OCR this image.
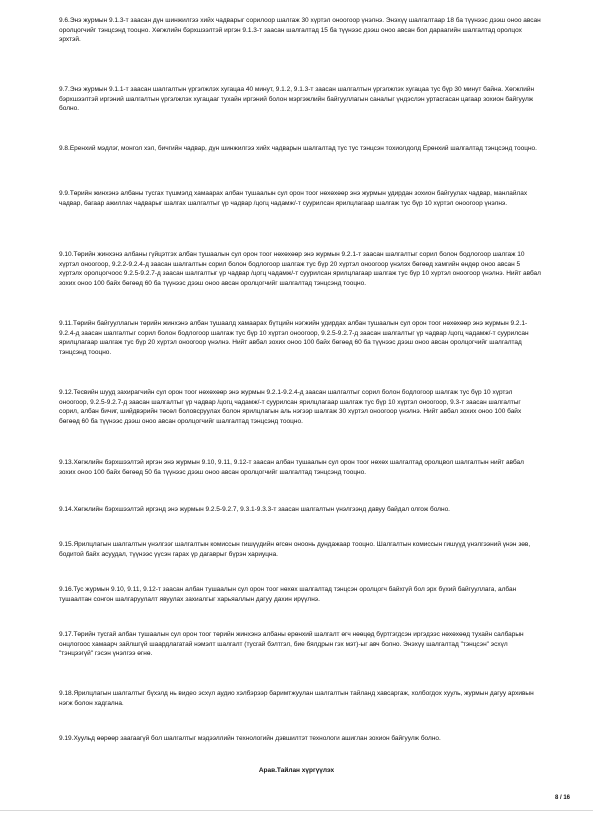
9.6.Энэ журмын 9.1.3-т заасан дүн шинжилгээ хийх чадварыг сорилоор шалгаж 30 хүртэл оноогоор үнэлнэ. Энэхүү шалгалтаар 18 ба түүнээс дээш оноо авсан оролцогчийг тэнцсэнд тооцно. Хөгжлийн бэрхшээлтэй иргэн 9.1.3-т заасан шалгалтад 15 ба түүнээс дээш оноо авсан бол дараагийн шалгалтад оролцох эрхтэй.

9.7.Энэ журмын 9.1.1-т заасан шалгалтын үргэлжлэх хугацаа 40 минут, 9.1.2, 9.1.3-т заасан шалгалтын үргэлжлэх хугацаа тус бүр 30 минут байна. Хөгжлийн бэрхшээлтэй иргэний шалгалтын үргэлжлэх хугацааг тухайн иргэний болон мэргэжлийн байгууллагын саналыг үндэслэн уртасгасан цагаар зохион байгуулж болно.

9.8.Еренхий мэдлэг, монгол хэл, бичгийн чадвар, дүн шинжилгээ хийх чадварын шалгалтад тус тус тэнцсэн тохиолдолд Ерөнхий шалгалтад тэнцсэнд тооцно.

9.9.Төрийн жинхэнэ албаны тусгах түшмэлд хамаарах албан тушаалын сул орон тоог нөхөхөөр энэ журмын удирдан зохион байгуулах чадвар, манлайлах чадвар, багаар ажиллах чадварыг шалгах шалгалтыг үр чадвар /цогц чадамж/-т суурилсан ярилцлагаар шалгаж тус бүр 10 хүртэл оноогоор үнэлнэ.

9.10.Төрийн жинхэнэ албаны гүйцэтгэх албан тушаалын сул орон тоог нөхөхөөр энэ журмын 9.2.1-т заасан шалгалтыг сорил болон бодлогоор шалгаж 10 хүртэл оноогоор, 9.2.2-9.2.4-д заасан шалгалтын сорил болон бодлогоор шалгаж тус бүр 20 хүртэл оноогоор үнэлэх бөгөөд хамгийн өндөр оноо авсан 5 хүртэлх оролцогчоос 9.2.5-9.2.7-д заасан шалгалтыг үр чадвар /цогц чадамж/-т суурилсан ярилцлагаар шалгаж тус бүр 10 хүртэл оноогоор үнэлнэ. Нийт авбал зохих оноо 100 байх бөгөөд 60 ба түүнээс дээш оноо авсан оролцогчийг шалгалтад тэнцсэнд тооцно.

9.11.Төрийн байгууллагын төрийн жинхэнэ албан тушаалд хамаарах бүтцийн нэгжийн удирдах албан тушаалын сул орон тоог нөхөхөөр энэ журмын 9.2.1-9.2.4-д заасан шалгалтыг сорил болон бодлогоор шалгаж тус бүр 10 хүртэл оноогоор, 9.2.5-9.2.7-д заасан шалгалтыг үр чадвар /цогц чадамж/-т суурилсан ярилцлагаар шалгаж тус бүр 20 хүртэл оноогоор үнэлнэ. Нийт авбал зохих оноо 100 байх бөгөөд 60 ба түүнээс дээш оноо авсан оролцогчийг шалгалтад тэнцсэнд тооцно.

9.12.Тесвийн шууд захирагчийн сул орон тоог нөхөхөөр энэ журмын 9.2.1-9.2.4-д заасан шалгалтыг сорил болон бодлогоор шалгаж тус бүр 10 хүртэл оноогоор, 9.2.5-9.2.7-д заасан шалгалтыг үр чадвар /цогц чадамж/-т суурилсан ярилцлагаар шалгаж тус бүр 10 хүртэл оноогоор, 9.3-т заасан шалгалтыг сорил, албан бичиг, шийдвэрийн төсөл боловсруулах болон ярилцлагын аль нэгээр шалгаж 30 хүртэл оноогоор үнэлнэ. Нийт авбал зохих оноо 100 байх бөгөөд 60 ба түүнээс дээш оноо авсан оролцогчийг шалгалтад тэнцсэнд тооцно.

9.13.Хөгжлийн бэрхшээлтэй иргэн энэ журмын 9.10, 9.11, 9.12-т заасан албан тушаалын сул орон тоог нөхөх шалгалтад оролцвол шалгалтын нийт авбал зохих оноо 100 байх бөгөөд 50 ба түүнээс дээш оноо авсан оролцогчийг шалгалтад тэнцсэнд тооцно.

9.14.Хөгжлийн бэрхшээлтэй иргэнд энэ журмын 9.2.5-9.2.7, 9.3.1-9.3.3-т заасан шалгалтын үнэлгээнд давуу байдал олгож болно.

9.15.Ярилцлагын шалгалтын үнэлгээг шалгалтын комиссын гишүүдийн өгсөн оноонь дундажаар тооцно. Шалгалтын комиссын гишүүд үнэлгээний үнэн зөв, бодитой байх асуудал, түүнээс үүсэн гарах үр дагаврыг бүрэн хариуцна.

9.16.Тус журмын 9.10, 9.11, 9.12-т заасан албан тушаалын сул орон тоог нөхөх шалгалтад тэнцсэн оролцогч байхгүй бол эрх бүхий байгууллага, албан тушаалтан сонгон шалгаруулалт явуулах захиалгыг харьяаллын дагуу дахин ирүүлнэ.

9.17.Төрийн тусгай албан тушаалын сул орон тоог төрийн жинхэнэ албаны ерөнхий шалгалт өгч нөөцөд бүртгэгдсэн иргэдээс нөхөхөөд тухайн салбарын онцлогоос хамаарч зайлшгүй шаардлагатай нэмэлт шалгалт (тусгай бэлтгэл, бие бялдрын гэх мэт)-ыг авч болно. Энэхүү шалгалтад "тэнцсэн" эсхүл "тэнцээгүй" гэсэн үнэлгээ өгнө.

9.18.Ярилцлагын шалгалтыг бүхэлд нь видео эсхүл аудио хэлбэрээр баримтжуулан шалгалтын тайланд хавсаргаж, холбогдох хууль, журмын дагуу архивын нэгж болон хадгална.

9.19.Хуульд өөрөөр заагаагүй бол шалгалтыг мэдээллийн технологийн дэвшилтэт технологи ашиглан зохион байгуулж болно.

Арав.Тайлан хүргүүлэх
8 / 16
